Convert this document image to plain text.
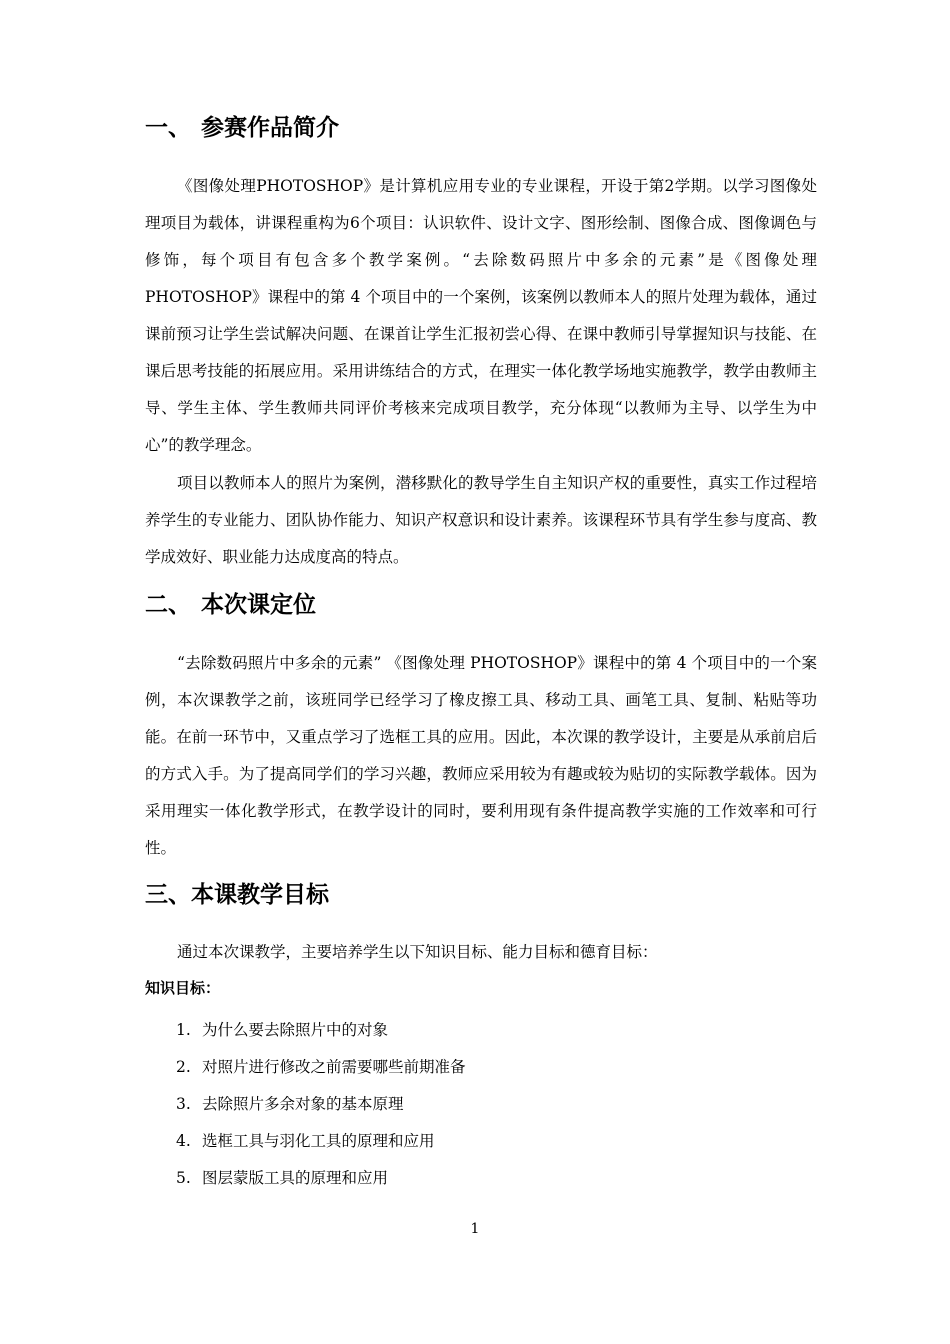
一、 参赛作品简介

《图像处理PHOTOSHOP》是计算机应用专业的专业课程，开设于第2学期。以学习图像处理项目为载体，讲课程重构为6个项目：认识软件、设计文字、图形绘制、图像合成、图像调色与修饰，每个项目有包含多个教学案例。“去除数码照片中多余的元素”是《图像处理 PHOTOSHOP》课程中的第 4 个项目中的一个案例，该案例以教师本人的照片处理为载体，通过课前预习让学生尝试解决问题、在课首让学生汇报初尝心得、在课中教师引导掌握知识与技能、在课后思考技能的拓展应用。采用讲练结合的方式，在理实一体化教学场地实施教学，教学由教师主导、学生主体、学生教师共同评价考核来完成项目教学，充分体现“以教师为主导、以学生为中心”的教学理念。

项目以教师本人的照片为案例，潜移默化的教导学生自主知识产权的重要性，真实工作过程培养学生的专业能力、团队协作能力、知识产权意识和设计素养。该课程环节具有学生参与度高、教学成效好、职业能力达成度高的特点。

二、 本次课定位

“去除数码照片中多余的元素” 《图像处理 PHOTOSHOP》课程中的第 4 个项目中的一个案例，本次课教学之前，该班同学已经学习了橡皮擦工具、移动工具、画笔工具、复制、粘贴等功能。在前一环节中，又重点学习了选框工具的应用。因此，本次课的教学设计，主要是从承前启后的方式入手。为了提高同学们的学习兴趣，教师应采用较为有趣或较为贴切的实际教学载体。因为采用理实一体化教学形式，在教学设计的同时，要利用现有条件提高教学实施的工作效率和可行性。

三、本课教学目标

通过本次课教学，主要培养学生以下知识目标、能力目标和德育目标：

知识目标：
1. 为什么要去除照片中的对象
2. 对照片进行修改之前需要哪些前期准备
3. 去除照片多余对象的基本原理
4. 选框工具与羽化工具的原理和应用
5. 图层蒙版工具的原理和应用
1
